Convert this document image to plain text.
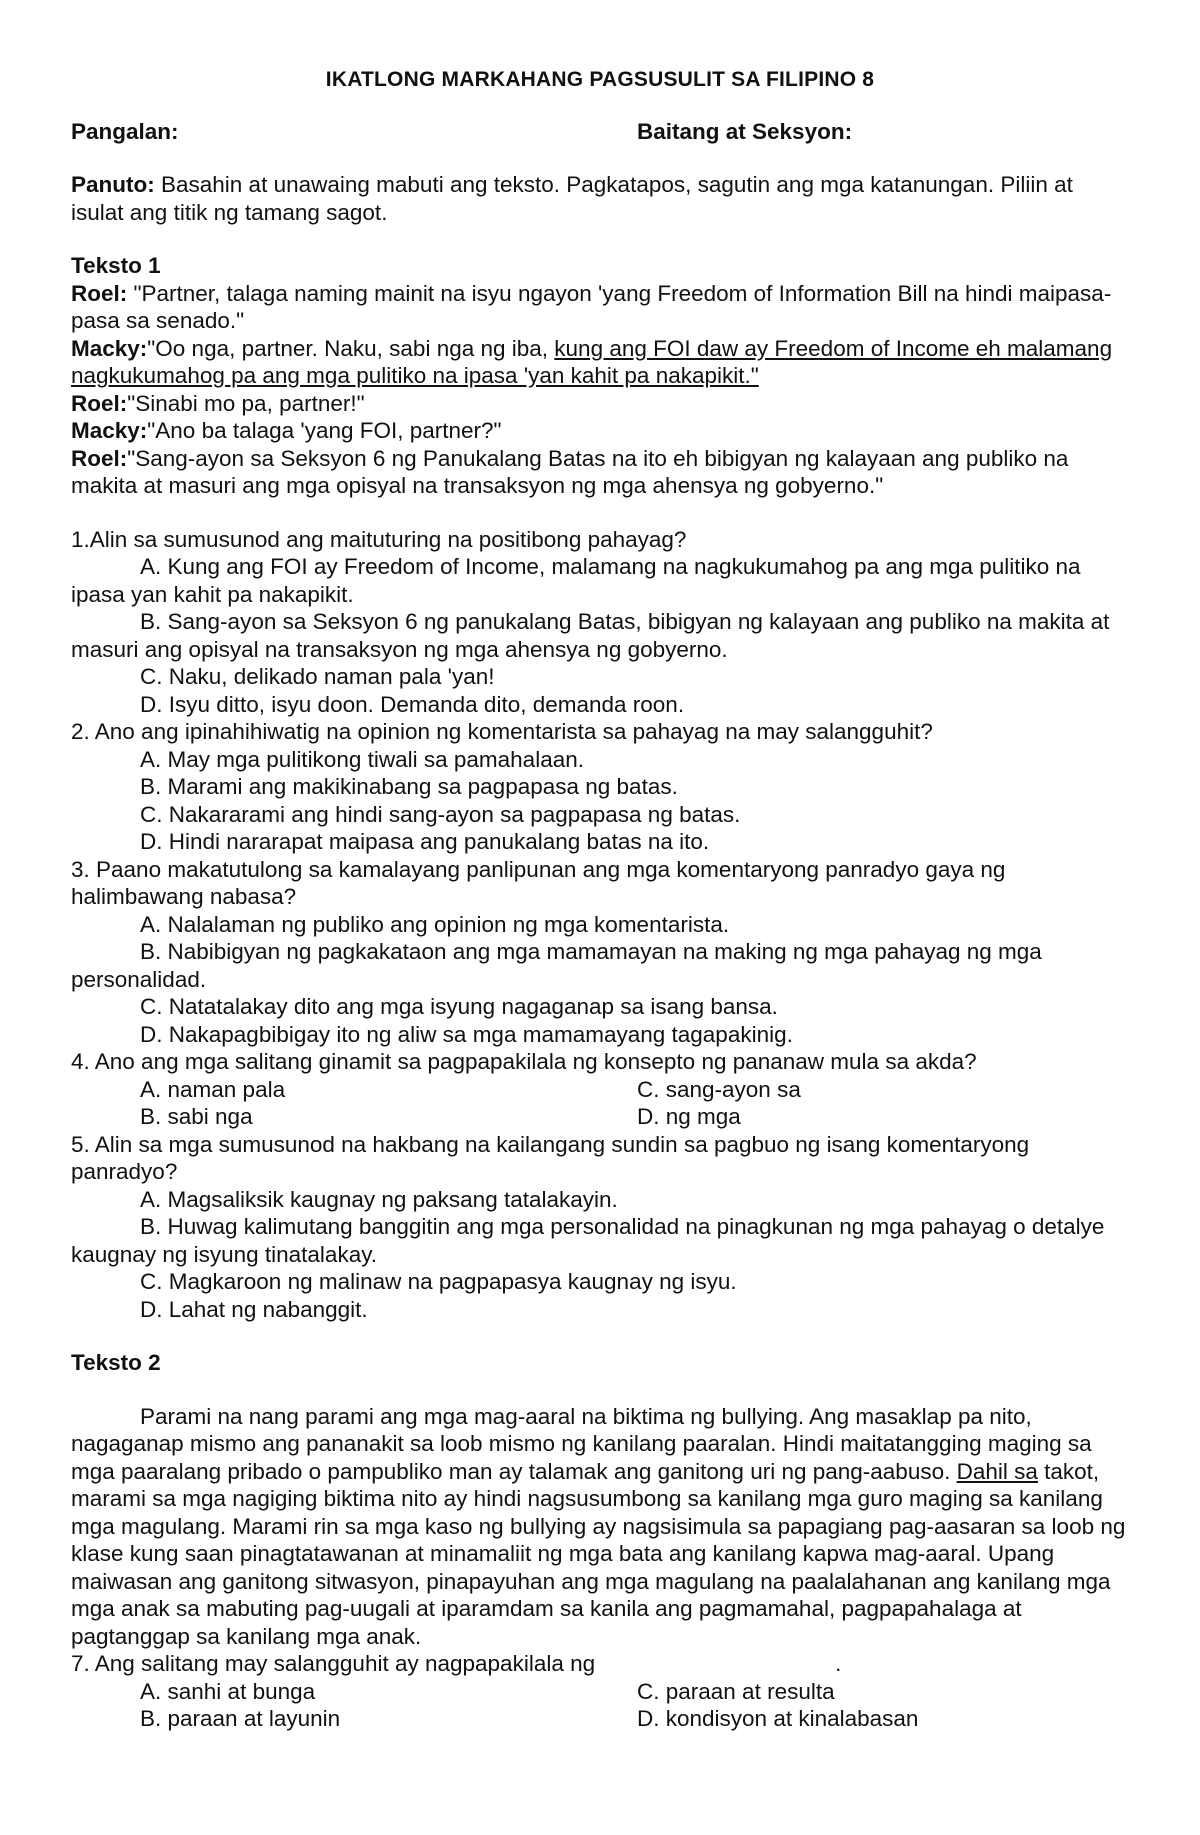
IKATLONG MARKAHANG PAGSUSULIT SA FILIPINO 8
Pangalan:	Baitang at Seksyon:

Panuto: Basahin at unawaing mabuti ang teksto. Pagkatapos, sagutin ang mga katanungan. Piliin at isulat ang titik ng tamang sagot.

Teksto 1

Roel: "Partner, talaga naming mainit na isyu ngayon 'yang Freedom of Information Bill na hindi maipasa-pasa sa senado."

Macky:"Oo nga, partner. Naku, sabi nga ng iba, kung ang FOI daw ay Freedom of Income eh malamang nagkukumahog pa ang mga pulitiko na ipasa 'yan kahit pa nakapikit."

Roel:"Sinabi mo pa, partner!"

Macky:"Ano ba talaga 'yang FOI, partner?"

Roel:"Sang-ayon sa Seksyon 6 ng Panukalang Batas na ito eh bibigyan ng kalayaan ang publiko na makita at masuri ang mga opisyal na transaksyon ng mga ahensya ng gobyerno."

1.Alin sa sumusunod ang maituturing na positibong pahayag?

A. Kung ang FOI ay Freedom of Income, malamang na nagkukumahog pa ang mga pulitiko na ipasa yan kahit pa nakapikit.

B. Sang-ayon sa Seksyon 6 ng panukalang Batas, bibigyan ng kalayaan ang publiko na makita at masuri ang opisyal na transaksyon ng mga ahensya ng gobyerno.

C. Naku, delikado naman pala 'yan!

D. Isyu ditto, isyu doon. Demanda dito, demanda roon.

2. Ano ang ipinahihiwatig na opinion ng komentarista sa pahayag na may salangguhit?

A. May mga pulitikong tiwali sa pamahalaan.

B. Marami ang makikinabang sa pagpapasa ng batas.

C. Nakararami ang hindi sang-ayon sa pagpapasa ng batas.

D. Hindi nararapat maipasa ang panukalang batas na ito.

3. Paano makatutulong sa kamalayang panlipunan ang mga komentaryong panradyo gaya ng halimbawang nabasa?

A. Nalalaman ng publiko ang opinion ng mga komentarista.

B. Nabibigyan ng pagkakataon ang mga mamamayan na making ng mga pahayag ng mga personalidad.

C. Natatalakay dito ang mga isyung nagaganap sa isang bansa.

D. Nakapagbibigay ito ng aliw sa mga mamamayang tagapakinig.

4. Ano ang mga salitang ginamit sa pagpapakilala ng konsepto ng pananaw mula sa akda?

A. naman pala	C. sang-ayon sa
B. sabi nga	D. ng mga

5. Alin sa mga sumusunod na hakbang na kailangang sundin sa pagbuo ng isang komentaryong panradyo?

A. Magsaliksik kaugnay ng paksang tatalakayin.

B. Huwag kalimutang banggitin ang mga personalidad na pinagkunan ng mga pahayag o detalye kaugnay ng isyung tinatalakay.

C. Magkaroon ng malinaw na pagpapasya kaugnay ng isyu.

D. Lahat ng nabanggit.

Teksto 2

Parami na nang parami ang mga mag-aaral na biktima ng bullying. Ang masaklap pa nito, nagaganap mismo ang pananakit sa loob mismo ng kanilang paaralan. Hindi maitatangging maging sa mga paaralang pribado o pampubliko man ay talamak ang ganitong uri ng pang-aabuso. Dahil sa takot, marami sa mga nagiging biktima nito ay hindi nagsusumbong sa kanilang mga guro maging sa kanilang mga magulang. Marami rin sa mga kaso ng bullying ay nagsisimula sa papagiang pag-aasaran sa loob ng klase kung saan pinagtatawanan at minamaliit ng mga bata ang kanilang kapwa mag-aaral. Upang maiwasan ang ganitong sitwasyon, pinapayuhan ang mga magulang na paalalahanan ang kanilang mga mga anak sa mabuting pag-uugali at iparamdam sa kanila ang pagmamahal, pagpapahalaga at pagtanggap sa kanilang mga anak.

7. Ang salitang may salangguhit ay nagpapakilala ng	.

A. sanhi at bunga	C. paraan at resulta
B. paraan at layunin	D. kondisyon at kinalabasan
